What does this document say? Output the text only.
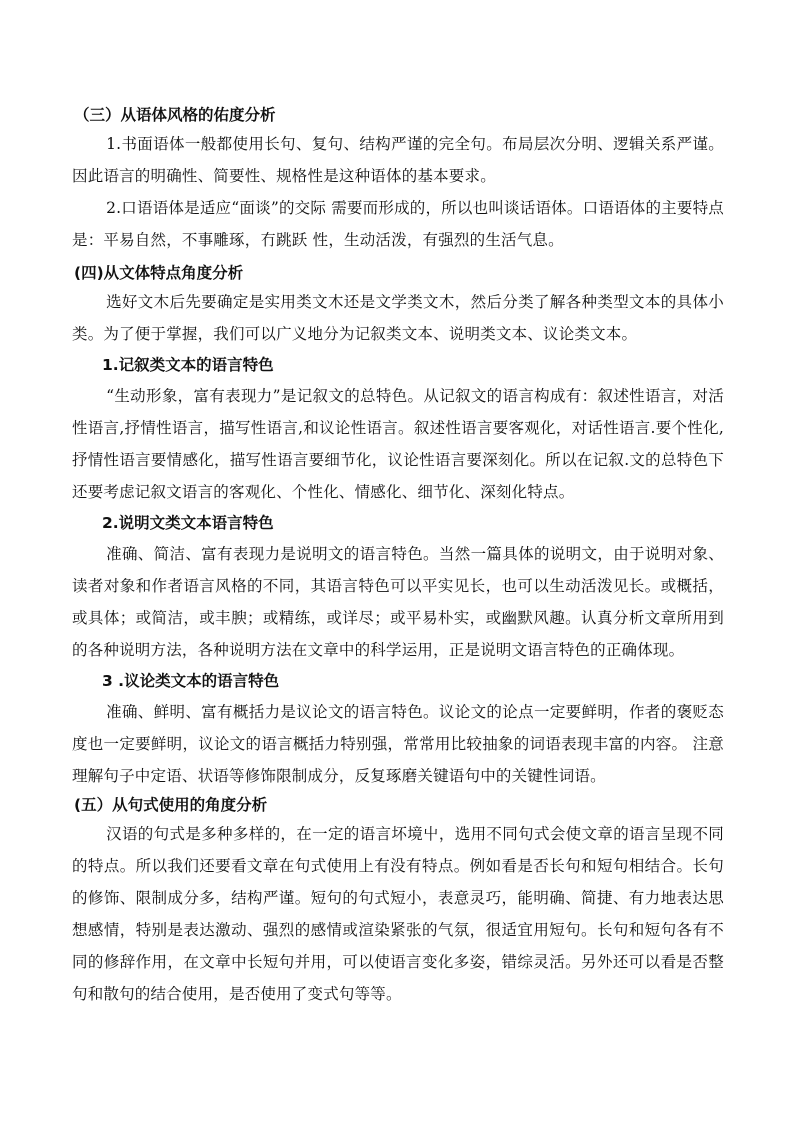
（三）从语体风格的佑度分析

1.书面语体一般都使用长句、复句、结构严谨的完全句。布局层次分明、逻辑关系严谨。因此语言的明确性、简要性、规格性是这种语体的基本要求。

2.口语语体是适应“面谈”的交际 需要而形成的，所以也叫谈话语体。口语语体的主要特点是：平易自然，不事雕琢，冇跳跃 性，生动活泼，有强烈的生活气息。

(四)从文体特点角度分析

选好文木后先要确定是实用类文木还是文学类文木，然后分类了解各种类型文本的具体小类。为了便于掌握，我们可以广义地分为记叙类文本、说明类文本、议论类文本。

1.记叙类文本的语言特色

“生动形象，富有表现力”是记叙文的总特色。从记叙文的语言构成有：叙述性语言，对活性语言,抒情性语言，描写性语言,和议论性语言。叙述性语言要客观化，对话性语言.要个性化,抒情性语言要情感化，描写性语言要细节化，议论性语言要深刻化。所以在记叙.文的总特色下还要考虑记叙文语言的客观化、个性化、情感化、细节化、深刻化特点。

2.说明文类文本语言特色

准确、简洁、富有表现力是说明文的语言特色。当然一篇具体的说明文，由于说明对象、读者对象和作者语言风格的不同，其语言特色可以平实见长，也可以生动活泼见长。或概括，或具体；或简洁，或丰腴；或精练，或详尽；或平易朴实，或幽默风趣。认真分析文章所用到的各种说明方法，各种说明方法在文章中的科学运用，正是说明文语言特色的正确体现。

3 .议论类文本的语言特色

准确、鲜明、富有概括力是议论文的语言特色。议论文的论点一定要鲜明，作者的褒贬态度也一定要鲜明，议论文的语言概括力特别强，常常用比较抽象的词语表现丰富的内容。 注意理解句子中定语、状语等修饰限制成分，反复琢磨关键语句中的关键性词语。

(五）从句式使用的角度分析

汉语的句式是多种多样的，在一定的语言坏境屮，选用不同句式会使文章的语言呈现不同的特点。所以我们还要看文章在句式使用上有没有特点。例如看是否长句和短句相结合。长句的修饰、限制成分多，结构严谨。短句的句式短小，表意灵巧，能明确、简捷、有力地表达思想感情，特别是表达激动、强烈的感情或渲染紧张的气氛，很适宜用短句。长句和短句各有不同的修辞作用，在文章中长短句并用，可以使语言变化多姿，错综灵活。另外还可以看是否整句和散句的结合使用，是否使用了变式句等等。
